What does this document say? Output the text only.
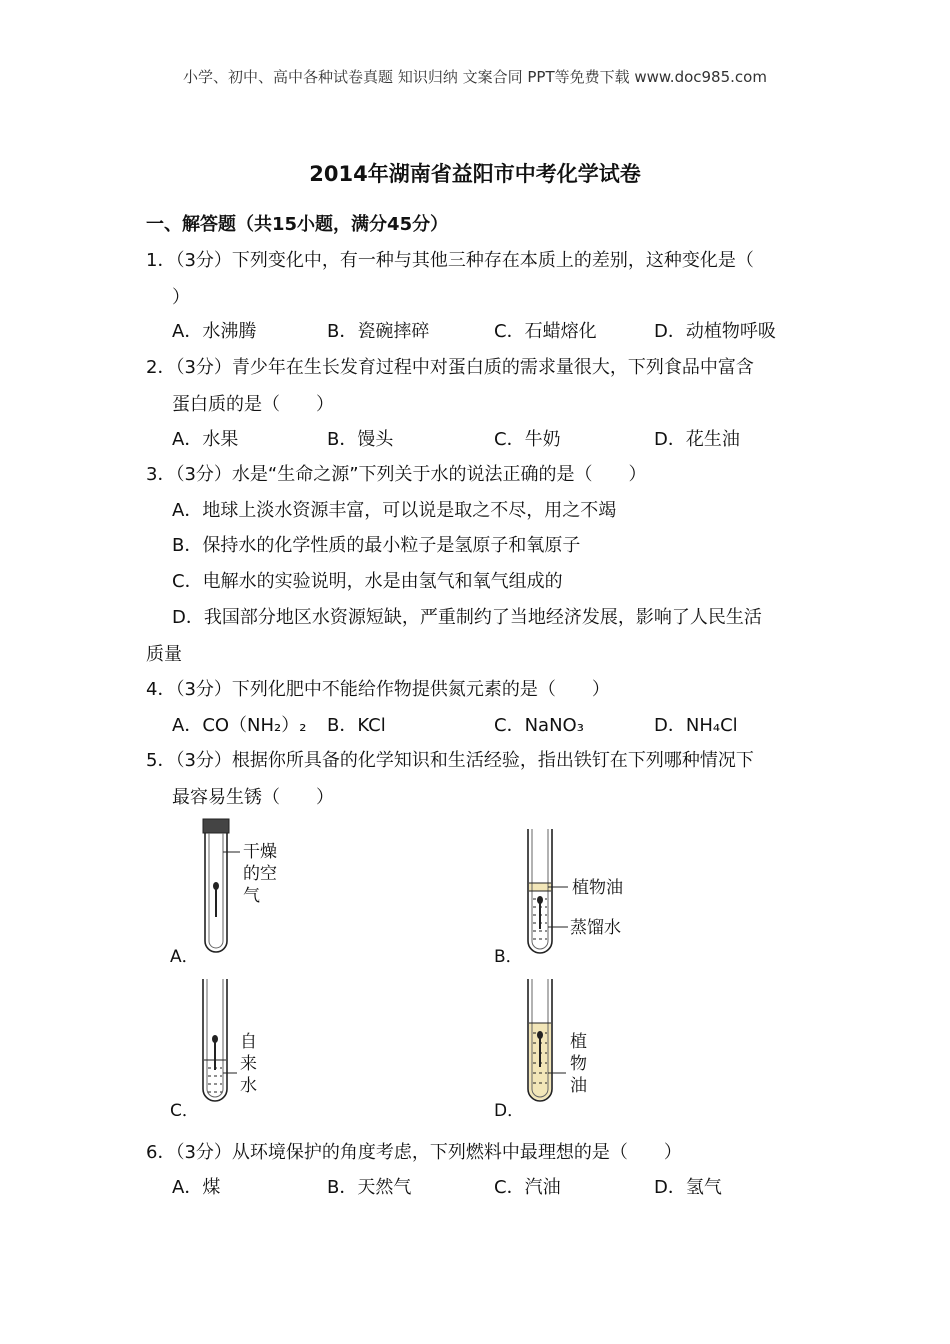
小学、初中、高中各种试卷真题 知识归纳 文案合同 PPT等免费下载 www.doc985.com
2014年湖南省益阳市中考化学试卷
一、解答题（共15小题，满分45分）
1．（3分）下列变化中，有一种与其他三种存在本质上的差别，这种变化是（
）
A．水沸腾	B．瓷碗摔碎	C．石蜡熔化	D．动植物呼吸
2．（3分）青少年在生长发育过程中对蛋白质的需求量很大，下列食品中富含
蛋白质的是（　　）
A．水果	B．馒头	C．牛奶	D．花生油
3．（3分）水是“生命之源”下列关于水的说法正确的是（　　）
A．地球上淡水资源丰富，可以说是取之不尽，用之不竭
B．保持水的化学性质的最小粒子是氢原子和氧原子
C．电解水的实验说明，水是由氢气和氧气组成的
D．我国部分地区水资源短缺，严重制约了当地经济发展，影响了人民生活
质量
4．（3分）下列化肥中不能给作物提供氮元素的是（　　）
A．CO（NH₂）₂ B．KCl	C．NaNO₃	D．NH₄Cl
5．（3分）根据你所具备的化学知识和生活经验，指出铁钉在下列哪种情况下
最容易生锈（　　）
A．
干燥
的空
气
B．
植物油
蒸馏水
C．
自
来
水
D．
植
物
油
6．（3分）从环境保护的角度考虑，下列燃料中最理想的是（　　）
A．煤	B．天然气	C．汽油	D．氢气
